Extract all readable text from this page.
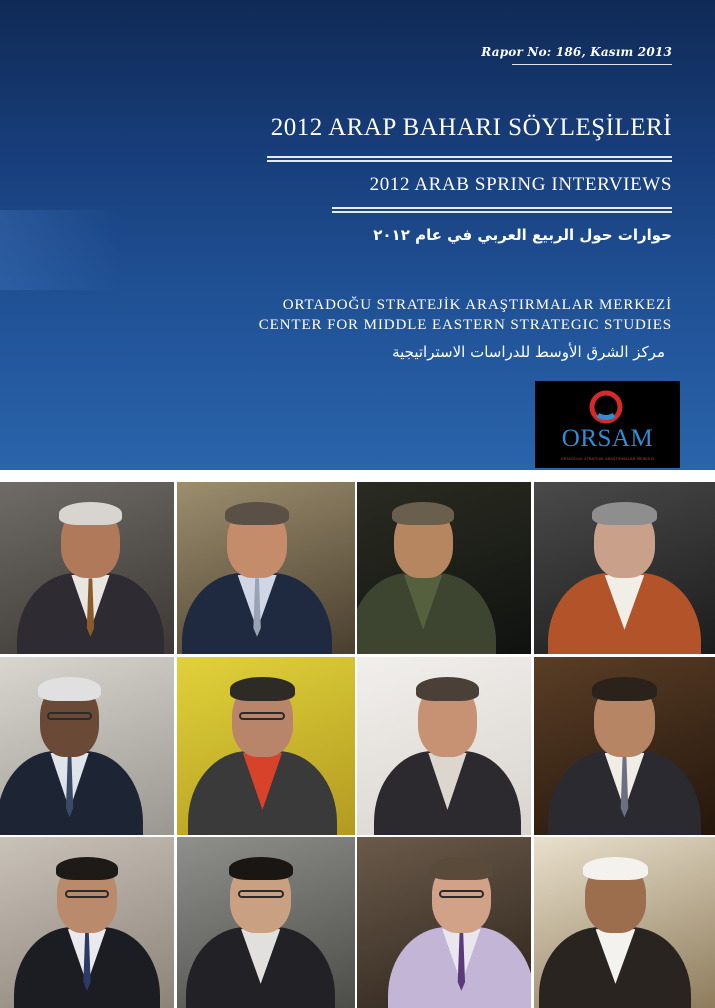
Rapor No: 186, Kasım 2013
2012 ARAP BAHARI SÖYLEŞİLERİ
2012 ARAB SPRING INTERVIEWS
حوارات حول الربيع العربي في عام ٢٠١٢
ORTADOĞU STRATEJİK ARAŞTIRMALAR MERKEZİ
CENTER FOR MIDDLE EASTERN STRATEGIC STUDIES
مركز الشرق الأوسط للدراسات الاستراتيجية
ORSAM
ORTADOĞU STRATEJİK ARAŞTIRMALAR MERKEZİ
